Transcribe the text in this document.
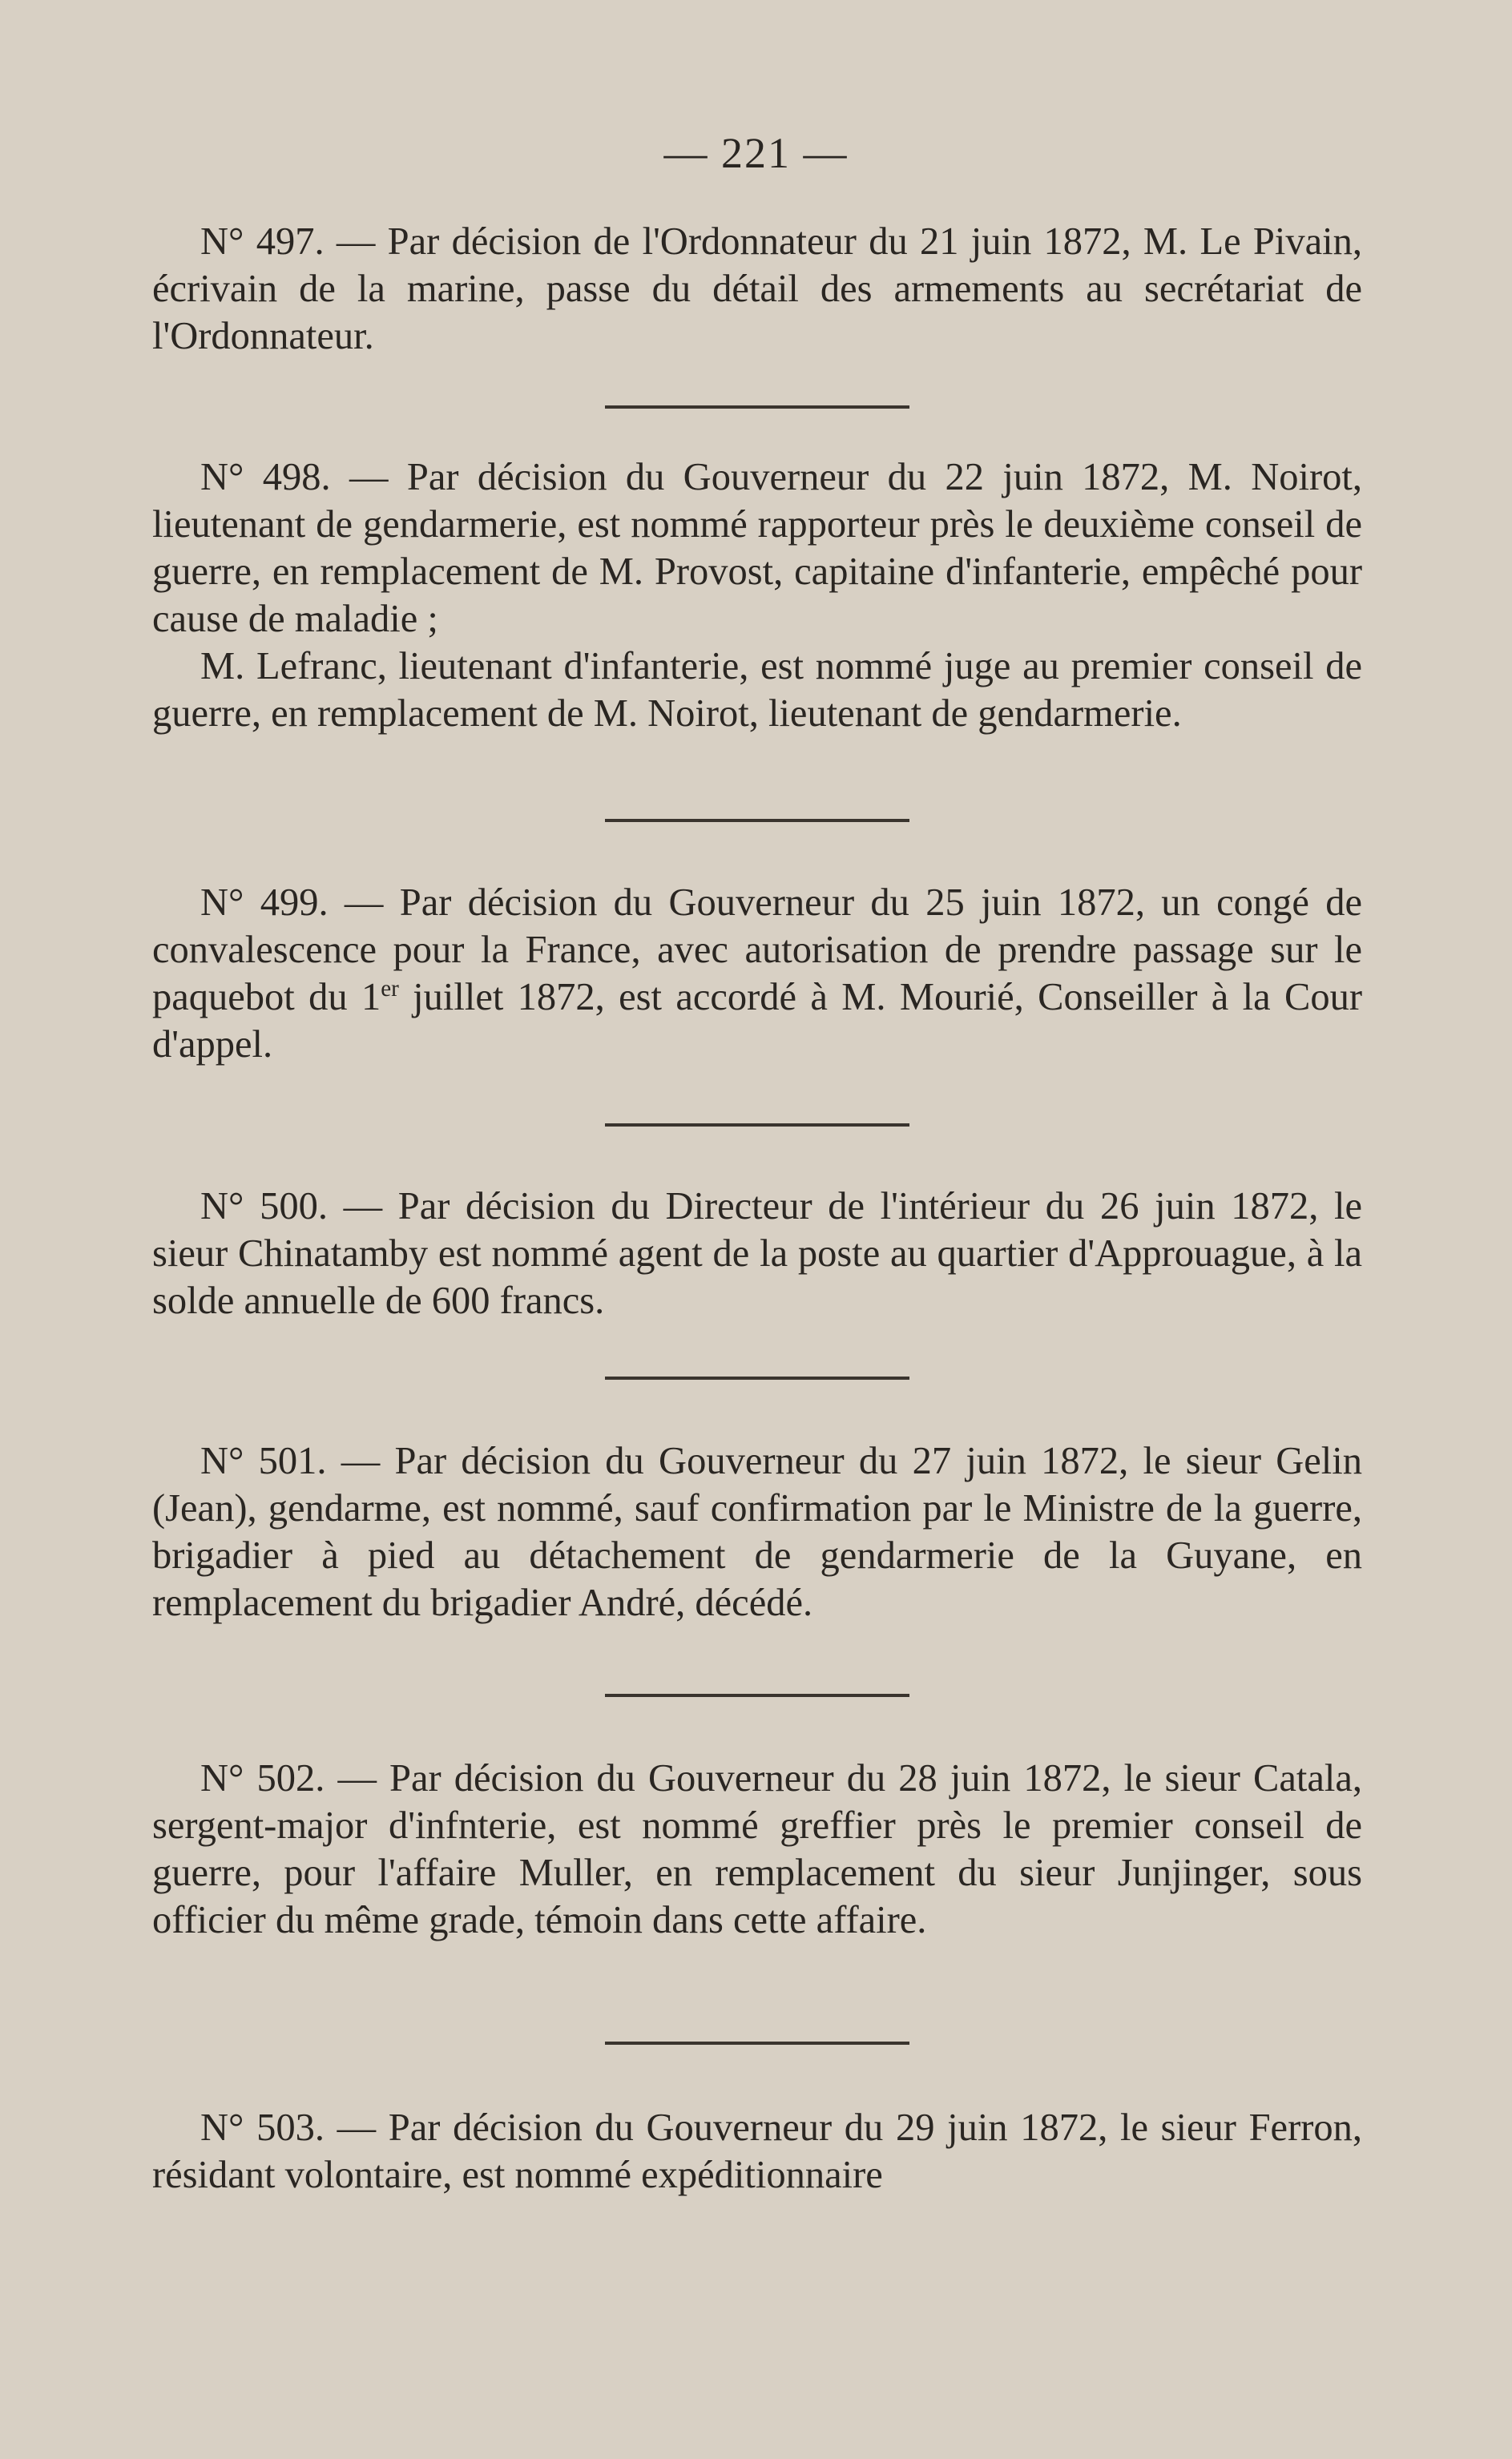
— 221 —

N° 497. — Par décision de l'Ordonnateur du 21 juin 1872, M. Le Pivain, écrivain de la marine, passe du détail des armements au secrétariat de l'Ordonnateur.

N° 498. — Par décision du Gouverneur du 22 juin 1872, M. Noirot, lieutenant de gendarmerie, est nommé rapporteur près le deuxième conseil de guerre, en remplacement de M. Provost, capitaine d'infanterie, empêché pour cause de maladie ;

M. Lefranc, lieutenant d'infanterie, est nommé juge au premier conseil de guerre, en remplacement de M. Noirot, lieutenant de gendarmerie.

N° 499. — Par décision du Gouverneur du 25 juin 1872, un congé de convalescence pour la France, avec autorisation de prendre passage sur le paquebot du 1er juillet 1872, est accordé à M. Mourié, Conseiller à la Cour d'appel.

N° 500. — Par décision du Directeur de l'intérieur du 26 juin 1872, le sieur Chinatamby est nommé agent de la poste au quartier d'Approuague, à la solde annuelle de 600 francs.

N° 501. — Par décision du Gouverneur du 27 juin 1872, le sieur Gelin (Jean), gendarme, est nommé, sauf confirmation par le Ministre de la guerre, brigadier à pied au détachement de gendarmerie de la Guyane, en remplacement du brigadier André, décédé.

N° 502. — Par décision du Gouverneur du 28 juin 1872, le sieur Catala, sergent-major d'infnterie, est nommé greffier près le premier conseil de guerre, pour l'affaire Muller, en remplacement du sieur Junjinger, sous officier du même grade, témoin dans cette affaire.

N° 503. — Par décision du Gouverneur du 29 juin 1872, le sieur Ferron, résidant volontaire, est nommé expéditionnaire
